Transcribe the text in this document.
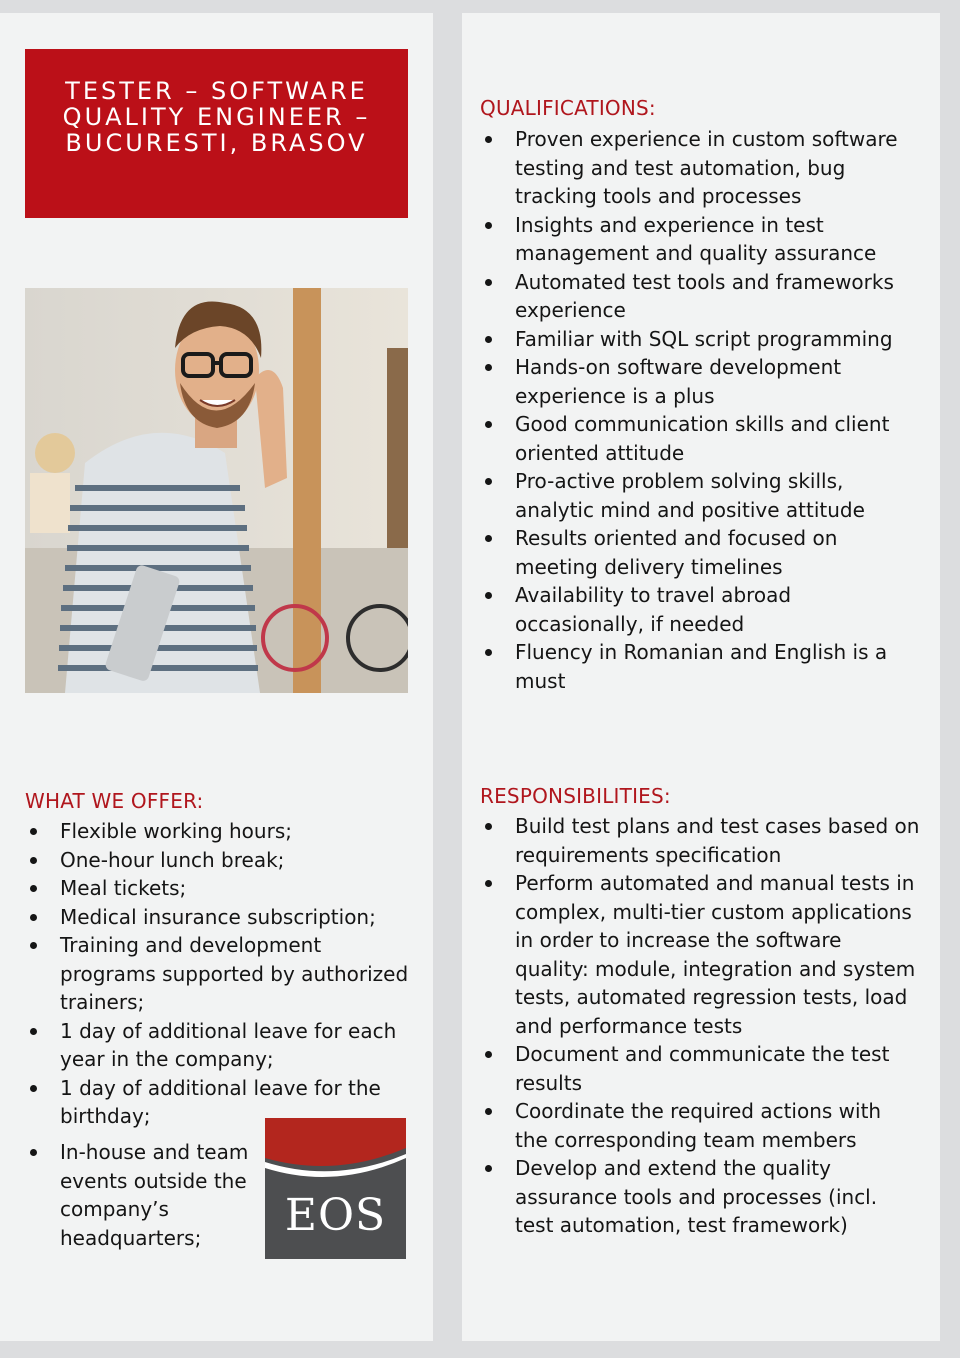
TESTER – SOFTWARE QUALITY ENGINEER – BUCURESTI, BRASOV
QUALIFICATIONS:
Proven experience in custom software testing and test automation, bug tracking tools and processes
Insights and experience in test management and quality assurance
Automated test tools and frameworks experience
Familiar with SQL script programming
Hands-on software development experience is a plus
Good communication skills and client oriented attitude
Pro-active problem solving skills, analytic mind and positive attitude
Results oriented and focused on meeting delivery timelines
Availability to travel abroad occasionally, if needed
Fluency in Romanian and English is a must
RESPONSIBILITIES:
Build test plans and test cases based on requirements specification
Perform automated and manual tests in complex, multi-tier custom applications in order to increase the software quality: module, integration and system tests, automated regression tests, load and performance tests
Document and communicate the test results
Coordinate the required actions with the corresponding team members
Develop and extend the quality assurance tools and processes (incl. test automation, test framework)
WHAT WE OFFER:
Flexible working hours;
One-hour lunch break;
Meal tickets;
Medical insurance subscription;
Training and development programs supported by authorized trainers;
1 day of additional leave for each year in the company;
1 day of additional leave for the birthday;
In-house and team events outside the company’s headquarters;	EOS
